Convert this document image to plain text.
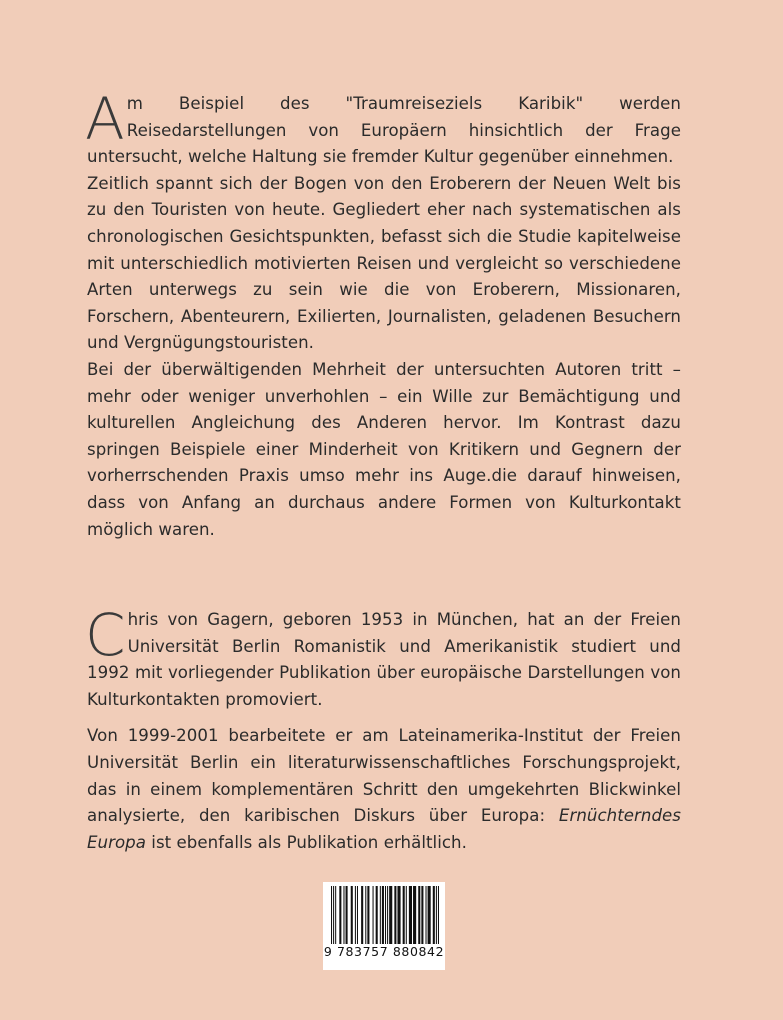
Am Beispiel des "Traumreiseziels Karibik" werden Reisedarstellungen von Europäern hinsichtlich der Frage untersucht, welche Haltung sie fremder Kultur gegenüber einnehmen.

Zeitlich spannt sich der Bogen von den Eroberern der Neuen Welt bis zu den Touristen von heute. Gegliedert eher nach systematischen als chronologischen Gesichtspunkten, befasst sich die Studie kapitelweise mit unterschiedlich motivierten Reisen und vergleicht so verschiedene Arten unterwegs zu sein wie die von Eroberern, Missionaren, Forschern, Abenteurern, Exilierten, Journalisten, geladenen Besuchern und Vergnügungstouristen.

Bei der überwältigenden Mehrheit der untersuchten Autoren tritt – mehr oder weniger unverhohlen – ein Wille zur Bemächtigung und kulturellen Angleichung des Anderen hervor. Im Kontrast dazu springen Beispiele einer Minderheit von Kritikern und Gegnern der vorherrschenden Praxis umso mehr ins Auge.die darauf hinweisen, dass von Anfang an durchaus andere Formen von Kulturkontakt möglich waren.

Chris von Gagern, geboren 1953 in München, hat an der Freien Universität Berlin Romanistik und Amerikanistik studiert und 1992 mit vorliegender Publikation über europäische Darstellungen von Kulturkontakten promoviert.

Von 1999-2001 bearbeitete er am Lateinamerika-Institut der Freien Universität Berlin ein literaturwissenschaftliches Forschungsprojekt, das in einem komplementären Schritt den umgekehrten Blickwinkel analysierte, den karibischen Diskurs über Europa: Ernüchterndes Europa ist ebenfalls als Publikation erhältlich.

9 783757 880842
